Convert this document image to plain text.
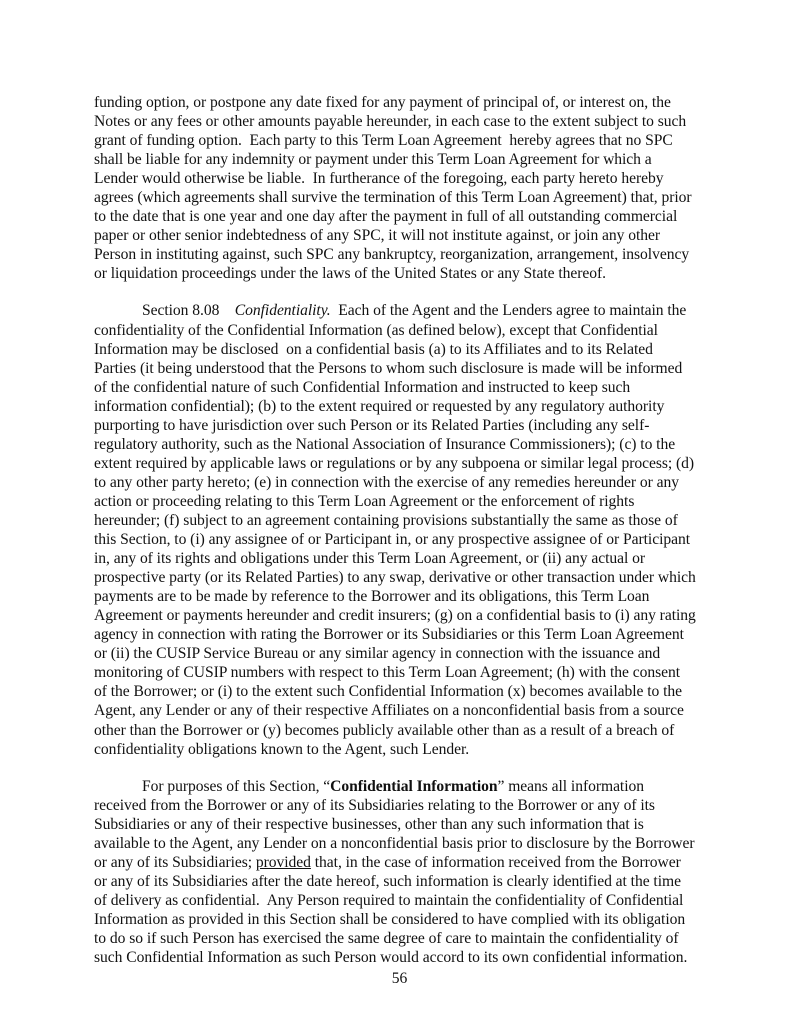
funding option, or postpone any date fixed for any payment of principal of, or interest on, the
Notes or any fees or other amounts payable hereunder, in each case to the extent subject to such
grant of funding option.  Each party to this Term Loan Agreement  hereby agrees that no SPC
shall be liable for any indemnity or payment under this Term Loan Agreement for which a
Lender would otherwise be liable.  In furtherance of the foregoing, each party hereto hereby
agrees (which agreements shall survive the termination of this Term Loan Agreement) that, prior
to the date that is one year and one day after the payment in full of all outstanding commercial
paper or other senior indebtedness of any SPC, it will not institute against, or join any other
Person in instituting against, such SPC any bankruptcy, reorganization, arrangement, insolvency
or liquidation proceedings under the laws of the United States or any State thereof.

Section 8.08 Confidentiality.  Each of the Agent and the Lenders agree to maintain the
confidentiality of the Confidential Information (as defined below), except that Confidential
Information may be disclosed  on a confidential basis (a) to its Affiliates and to its Related
Parties (it being understood that the Persons to whom such disclosure is made will be informed
of the confidential nature of such Confidential Information and instructed to keep such
information confidential); (b) to the extent required or requested by any regulatory authority
purporting to have jurisdiction over such Person or its Related Parties (including any self-
regulatory authority, such as the National Association of Insurance Commissioners); (c) to the
extent required by applicable laws or regulations or by any subpoena or similar legal process; (d)
to any other party hereto; (e) in connection with the exercise of any remedies hereunder or any
action or proceeding relating to this Term Loan Agreement or the enforcement of rights
hereunder; (f) subject to an agreement containing provisions substantially the same as those of
this Section, to (i) any assignee of or Participant in, or any prospective assignee of or Participant
in, any of its rights and obligations under this Term Loan Agreement, or (ii) any actual or
prospective party (or its Related Parties) to any swap, derivative or other transaction under which
payments are to be made by reference to the Borrower and its obligations, this Term Loan
Agreement or payments hereunder and credit insurers; (g) on a confidential basis to (i) any rating
agency in connection with rating the Borrower or its Subsidiaries or this Term Loan Agreement
or (ii) the CUSIP Service Bureau or any similar agency in connection with the issuance and
monitoring of CUSIP numbers with respect to this Term Loan Agreement; (h) with the consent
of the Borrower; or (i) to the extent such Confidential Information (x) becomes available to the
Agent, any Lender or any of their respective Affiliates on a nonconfidential basis from a source
other than the Borrower or (y) becomes publicly available other than as a result of a breach of
confidentiality obligations known to the Agent, such Lender.

For purposes of this Section, “Confidential Information” means all information
received from the Borrower or any of its Subsidiaries relating to the Borrower or any of its
Subsidiaries or any of their respective businesses, other than any such information that is
available to the Agent, any Lender on a nonconfidential basis prior to disclosure by the Borrower
or any of its Subsidiaries; provided that, in the case of information received from the Borrower
or any of its Subsidiaries after the date hereof, such information is clearly identified at the time
of delivery as confidential.  Any Person required to maintain the confidentiality of Confidential
Information as provided in this Section shall be considered to have complied with its obligation
to do so if such Person has exercised the same degree of care to maintain the confidentiality of
such Confidential Information as such Person would accord to its own confidential information.

56
